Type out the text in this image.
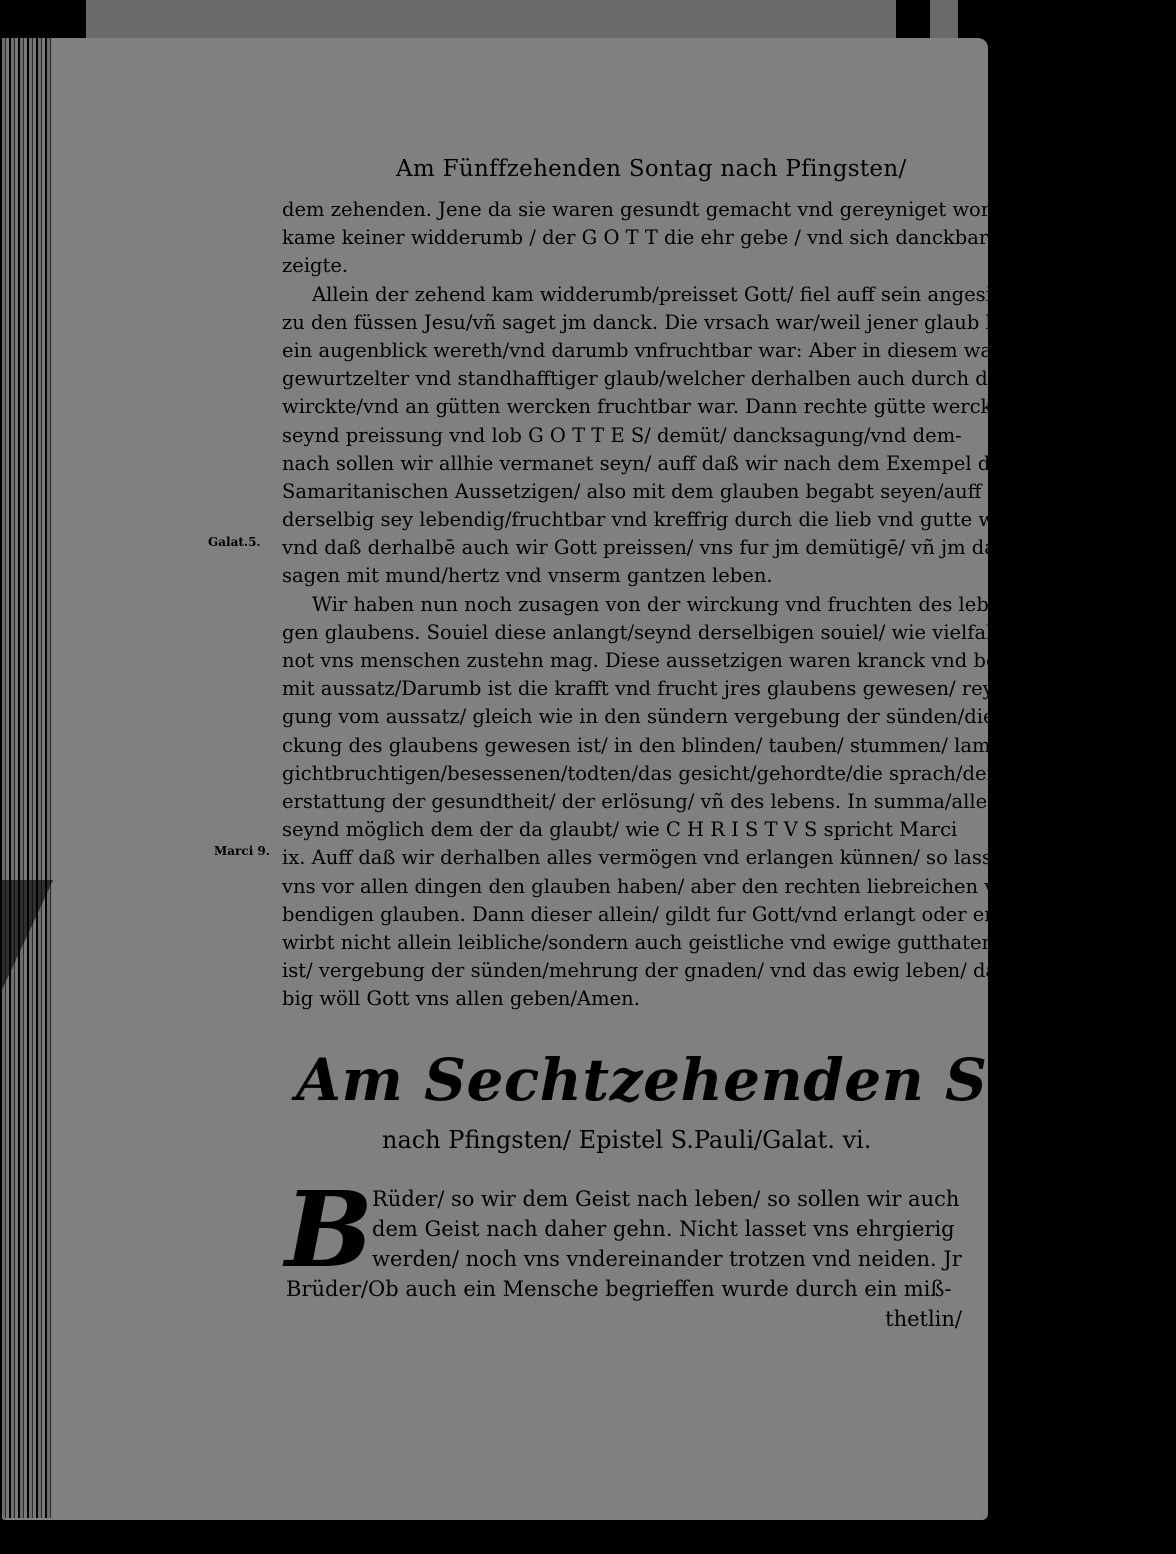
Am Fünffzehenden Sontag nach Pfingsten/
dem zehenden. Jene da sie waren gesundt gemacht vnd gereyniget worden/
kame keiner widderumb / der G O T T die ehr gebe / vnd sich danckbar er-
zeigte.
Allein der zehend kam widderumb/preisset Gott/ fiel auff sein angesicht
zu den füssen Jesu/vñ saget jm danck. Die vrsach war/weil jener glaub kaum
ein augenblick wereth/vnd darumb vnfruchtbar war: Aber in diesem war ein
gewurtzelter vnd standhafftiger glaub/welcher derhalben auch durch die lieb
wirckte/vnd an gütten wercken fruchtbar war. Dann rechte gütte werck/
seynd preissung vnd lob G O T T E S/ demüt/ dancksagung/vnd dem-
nach sollen wir allhie vermanet seyn/ auff daß wir nach dem Exempel des
Samaritanischen Aussetzigen/ also mit dem glauben begabt seyen/auff daß
derselbig sey lebendig/fruchtbar vnd kreffrig durch die lieb vnd gutte werck/
vnd daß derhalbē auch wir Gott preissen/ vns fur jm demütigē/ vñ jm danck-
sagen mit mund/hertz vnd vnserm gantzen leben.
Wir haben nun noch zusagen von der wirckung vnd fruchten des lebendi-
gen glaubens. Souiel diese anlangt/seynd derselbigen souiel/ wie vielfaltige
not vns menschen zustehn mag. Diese aussetzigen waren kranck vnd behafft
mit aussatz/Darumb ist die krafft vnd frucht jres glaubens gewesen/ reyni-
gung vom aussatz/ gleich wie in den sündern vergebung der sünden/die wir-
ckung des glaubens gewesen ist/ in den blinden/ tauben/ stummen/ lamen/
gichtbruchtigen/besessenen/todten/das gesicht/gehordte/die sprach/der gang/
erstattung der gesundtheit/ der erlösung/ vñ des lebens. In summa/alle ding
seynd möglich dem der da glaubt/ wie C H R I S T V S spricht Marci
ix. Auff daß wir derhalben alles vermögen vnd erlangen künnen/ so lasset
vns vor allen dingen den glauben haben/ aber den rechten liebreichen vnd le-
bendigen glauben. Dann dieser allein/ gildt fur Gott/vnd erlangt oder er-
wirbt nicht allein leibliche/sondern auch geistliche vnd ewige gutthaten/ das
ist/ vergebung der sünden/mehrung der gnaden/ vnd das ewig leben/ dassel-
big wöll Gott vns allen geben/Amen.
Galat.5.
Marci 9.
Am Sechtzehenden Sontag
nach Pfingsten/ Epistel S.Pauli/Galat. vi.
B Rüder/ so wir dem Geist nach leben/ so sollen wir auch
dem Geist nach daher gehn. Nicht lasset vns ehrgierig
werden/ noch vns vndereinander trotzen vnd neiden. Jr
Brüder/Ob auch ein Mensche begrieffen wurde durch ein miß-
thetlin/
